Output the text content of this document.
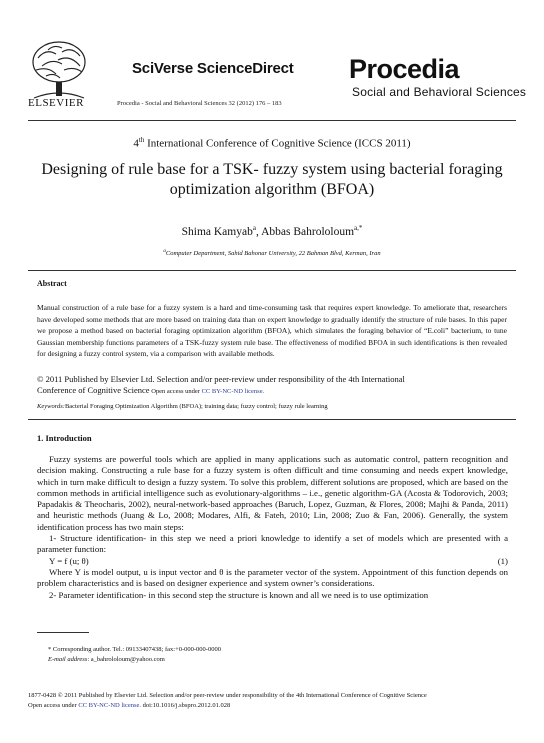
ELSEVIER
SciVerse ScienceDirect
Procedia - Social and Behavioral Sciences 32 (2012) 176 – 183
Procedia
Social and Behavioral Sciences
4th International Conference of Cognitive Science (ICCS 2011)
Designing of rule base for a TSK- fuzzy system using bacterial foraging optimization algorithm (BFOA)
Shima Kamyab$^a$, Abbas Bahrololoum$^{a,*}$
$^a$Computer Department, Sahid Bahonar University, 22 Bahman Blvd, Kerman, Iran
Abstract
Manual construction of a rule base for a fuzzy system is a hard and time-consuming task that requires expert knowledge. To ameliorate that, researchers have developed some methods that are more based on training data than on expert knowledge to gradually identify the structure of rule bases. In this paper we propose a method based on bacterial foraging optimization algorithm (BFOA), which simulates the foraging behavior of “E.coli” bacterium, to tune Gaussian membership functions parameters of a TSK-fuzzy system rule base. The effectiveness of modified BFOA in such identifications is then revealed for designing a fuzzy control system, via a comparison with available methods.
© 2011 Published by Elsevier Ltd. Selection and/or peer-review under responsibility of the 4th International
Conference of Cognitive Science Open access under CC BY-NC-ND license.
Keywords:Bacterial Foraging Optimization Algorithm (BFOA); training data; fuzzy control; fuzzy rule learning
1. Introduction

Fuzzy systems are powerful tools which are applied in many applications such as automatic control, pattern recognition and decision making. Constructing a rule base for a fuzzy system is often difficult and time consuming and needs expert knowledge, which in turn make difficult to design a fuzzy system. To solve this problem, different solutions are proposed, which are based on the common methods in artificial intelligence such as evolutionary-algorithms – i.e., genetic algorithm-GA (Acosta & Todorovich, 2003; Papadakis & Theocharis, 2002), neural-network-based approaches (Baruch, Lopez, Guzman, & Flores, 2008; Majhi & Panda, 2011) and heuristic methods (Juang & Lo, 2008; Modares, Alfi, & Fateh, 2010; Lin, 2008; Zuo & Fan, 2006). Generally, the system identification process has two main steps:

1- Structure identification- in this step we need a priori knowledge to identify a set of models which are presented with a parameter function:

Y = f (u; θ)	(1)

Where Y is model output, u is input vector and θ is the parameter vector of the system. Appointment of this function depends on problem characteristics and is based on designer experience and system owner’s considerations.

2- Parameter identification- in this second step the structure is known and all we need is to use optimization

* Corresponding author. Tel.: 09133407438; fax:+0-000-000-0000
E-mail address: a_bahrololoum@yahoo.com
1877-0428 © 2011 Published by Elsevier Ltd. Selection and/or peer-review under responsibility of the 4th International Conference of Cognitive Science
Open access under CC BY-NC-ND license. doi:10.1016/j.sbspro.2012.01.028
